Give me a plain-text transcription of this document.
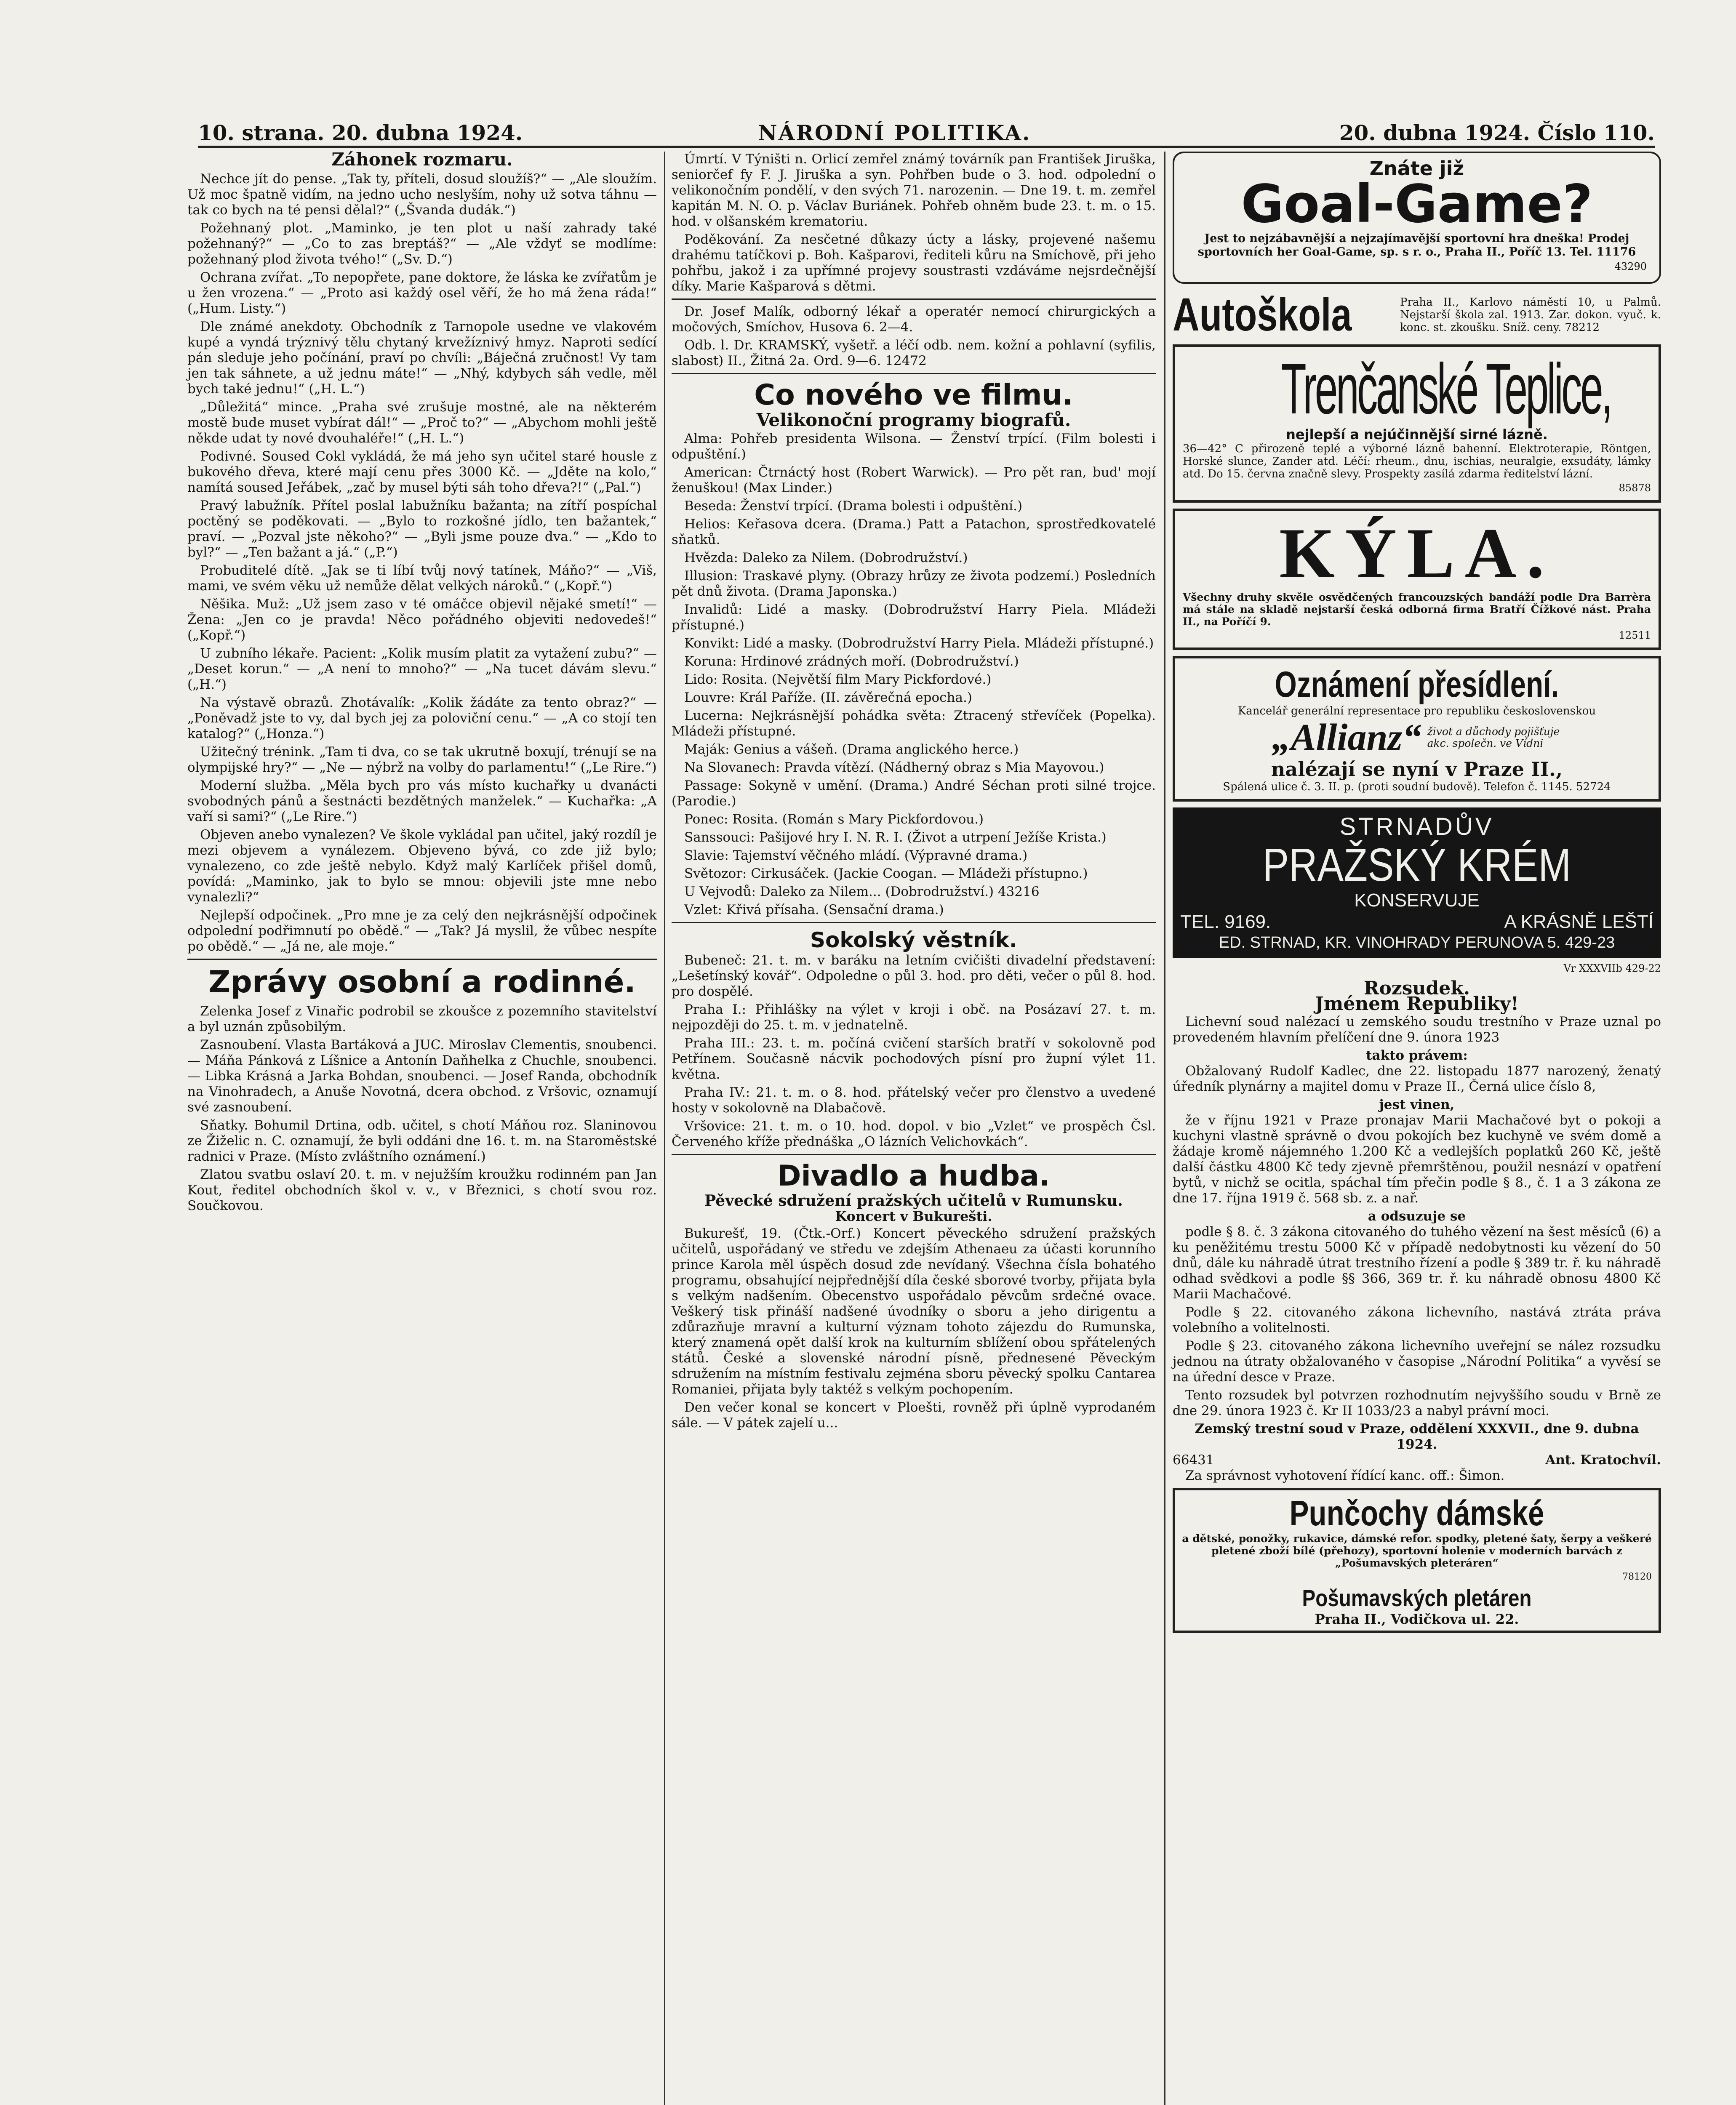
10. strana. 20. dubna 1924.	NÁRODNÍ POLITIKA.	20. dubna 1924. Číslo 110.
Záhonek rozmaru.

Nechce jít do pense. „Tak ty, příteli, dosud sloužíš?“ — „Ale sloužím. Už moc špatně vidím, na jedno ucho neslyším, nohy už sotva táhnu — tak co bych na té pensi dělal?“ („Švanda dudák.“)

Požehnaný plot. „Maminko, je ten plot u naší zahrady také požehnaný?“ — „Co to zas breptáš?“ — „Ale vždyť se modlíme: požehnaný plod života tvého!“ („Sv. D.“)

Ochrana zvířat. „To nepopřete, pane doktore, že láska ke zvířatům je u žen vrozena.“ — „Proto asi každý osel věří, že ho má žena ráda!“ („Hum. Listy.“)

Dle známé anekdoty. Obchodník z Tarnopole usedne ve vlakovém kupé a vyndá trýznivý tělu chytaný krvežíznivý hmyz. Naproti sedící pán sleduje jeho počínání, praví po chvíli: „Báječná zručnost! Vy tam jen tak sáhnete, a už jednu máte!“ — „Nhý, kdybych sáh vedle, měl bych také jednu!“ („H. L.“)

„Důležitá“ mince. „Praha své zrušuje mostné, ale na některém mostě bude muset vybírat dál!“ — „Proč to?“ — „Abychom mohli ještě někde udat ty nové dvouhaléře!“ („H. L.“)

Podivné. Soused Cokl vykládá, že má jeho syn učitel staré housle z bukového dřeva, které mají cenu přes 3000 Kč. — „Jděte na kolo,“ namítá soused Jeřábek, „zač by musel býti sáh toho dřeva?!“ („Pal.“)

Pravý labužník. Přítel poslal labužníku bažanta; na zítří pospíchal poctěný se poděkovati. — „Bylo to rozkošné jídlo, ten bažantek,“ praví. — „Pozval jste někoho?“ — „Byli jsme pouze dva.“ — „Kdo to byl?“ — „Ten bažant a já.“ („P.“)

Probuditelé dítě. „Jak se ti líbí tvůj nový tatínek, Máňo?“ — „Viš, mami, ve svém věku už nemůže dělat velkých nároků.“ („Kopř.“)

Něšika. Muž: „Už jsem zaso v té omáčce objevil nějaké smetí!“ — Žena: „Jen co je pravda! Něco pořádného objeviti nedovedeš!“ („Kopř.“)

U zubního lékaře. Pacient: „Kolik musím platit za vytažení zubu?“ — „Deset korun.“ — „A není to mnoho?“ — „Na tucet dávám slevu.“ („H.“)

Na výstavě obrazů. Zhotávalík: „Kolik žádáte za tento obraz?“ — „Poněvadž jste to vy, dal bych jej za poloviční cenu.“ — „A co stojí ten katalog?“ („Honza.“)

Užitečný trénink. „Tam ti dva, co se tak ukrutně boxují, trénují se na olympijské hry?“ — „Ne — nýbrž na volby do parlamentu!“ („Le Rire.“)

Moderní služba. „Měla bych pro vás místo kuchařky u dvanácti svobodných pánů a šestnácti bezdětných manželek.“ — Kuchařka: „A vaří si sami?“ („Le Rire.“)

Objeven anebo vynalezen? Ve škole vykládal pan učitel, jaký rozdíl je mezi objevem a vynálezem. Objeveno bývá, co zde již bylo; vynalezeno, co zde ještě nebylo. Když malý Karlíček přišel domů, povídá: „Maminko, jak to bylo se mnou: objevili jste mne nebo vynalezli?“

Nejlepší odpočinek. „Pro mne je za celý den nejkrásnější odpočinek odpolední podřimnutí po obědě.“ — „Tak? Já myslil, že vůbec nespíte po obědě.“ — „Já ne, ale moje.“

Zprávy osobní a rodinné.

Zelenka Josef z Vinařic podrobil se zkoušce z pozemního stavitelství a byl uznán způsobilým.

Zasnoubení. Vlasta Bartáková a JUC. Miroslav Clementis, snoubenci. — Máňa Pánková z Líšnice a Antonín Daňhelka z Chuchle, snoubenci. — Libka Krásná a Jarka Bohdan, snoubenci. — Josef Randa, obchodník na Vinohradech, a Anuše Novotná, dcera obchod. z Vršovic, oznamují své zasnoubení.

Sňatky. Bohumil Drtina, odb. učitel, s chotí Máňou roz. Slaninovou ze Žiželic n. C. oznamují, že byli oddáni dne 16. t. m. na Staroměstské radnici v Praze. (Místo zvláštního oznámení.)

Zlatou svatbu oslaví 20. t. m. v nejužším kroužku rodinném pan Jan Kout, ředitel obchodních škol v. v., v Březnici, s chotí svou roz. Součkovou.

Úmrtí. V Týništi n. Orlicí zemřel známý továrník pan František Jiruška, seniorčef fy F. J. Jiruška a syn. Pohřben bude o 3. hod. odpolední o velikonočním pondělí, v den svých 71. narozenin. — Dne 19. t. m. zemřel kapitán M. N. O. p. Václav Buriánek. Pohřeb ohněm bude 23. t. m. o 15. hod. v olšanském krematoriu.

Poděkování. Za nesčetné důkazy úcty a lásky, projevené našemu drahému tatíčkovi p. Boh. Kašparovi, řediteli kůru na Smíchově, při jeho pohřbu, jakož i za upřímné projevy soustrasti vzdáváme nejsrdečnější díky. Marie Kašparová s dětmi.

Dr. Josef Malík, odborný lékař a operatér nemocí chirurgických a močových, Smíchov, Husova 6. 2—4.

Odb. l. Dr. KRAMSKÝ, vyšetř. a léčí odb. nem. kožní a pohlavní (syfilis, slabost) II., Žitná 2a. Ord. 9—6. 12472

Co nového ve filmu.
Velikonoční programy biografů.

Alma: Pohřeb presidenta Wilsona. — Ženství trpící. (Film bolesti i odpuštění.)

American: Čtrnáctý host (Robert Warwick). — Pro pět ran, bud' mojí ženuškou! (Max Linder.)

Beseda: Ženství trpící. (Drama bolesti i odpuštění.)

Helios: Keřasova dcera. (Drama.) Patt a Patachon, sprostředkovatelé sňatků.

Hvězda: Daleko za Nilem. (Dobrodružství.)

Illusion: Traskavé plyny. (Obrazy hrůzy ze života podzemí.) Posledních pět dnů života. (Drama Japonska.)

Invalidů: Lidé a masky. (Dobrodružství Harry Piela. Mládeži přístupné.)

Konvikt: Lidé a masky. (Dobrodružství Harry Piela. Mládeži přístupné.)

Koruna: Hrdinové zrádných moří. (Dobrodružství.)

Lido: Rosita. (Největší film Mary Pickfordové.)

Louvre: Král Paříže. (II. závěrečná epocha.)

Lucerna: Nejkrásnější pohádka světa: Ztracený střevíček (Popelka). Mládeži přístupné.

Maják: Genius a vášeň. (Drama anglického herce.)

Na Slovanech: Pravda vítězí. (Nádherný obraz s Mia Mayovou.)

Passage: Sokyně v umění. (Drama.) André Séchan proti silné trojce. (Parodie.)

Ponec: Rosita. (Román s Mary Pickfordovou.)

Sanssouci: Pašijové hry I. N. R. I. (Život a utrpení Ježíše Krista.)

Slavie: Tajemství věčného mládí. (Výpravné drama.)

Světozor: Cirkusáček. (Jackie Coogan. — Mládeži přístupno.)

U Vejvodů: Daleko za Nilem... (Dobrodružství.) 43216

Vzlet: Křivá přísaha. (Sensační drama.)

Sokolský věstník.

Bubeneč: 21. t. m. v baráku na letním cvičišti divadelní představení: „Lešetínský kovář“. Odpoledne o půl 3. hod. pro děti, večer o půl 8. hod. pro dospělé.

Praha I.: Přihlášky na výlet v kroji i obč. na Posázaví 27. t. m. nejpozději do 25. t. m. v jednatelně.

Praha III.: 23. t. m. počíná cvičení starších bratří v sokolovně pod Petřínem. Současně nácvik pochodových písní pro župní výlet 11. května.

Praha IV.: 21. t. m. o 8. hod. přátelský večer pro členstvo a uvedené hosty v sokolovně na Dlabačově.

Vršovice: 21. t. m. o 10. hod. dopol. v bio „Vzlet“ ve prospěch Čsl. Červeného kříže přednáška „O lázních Velichovkách“.

Divadlo a hudba.
Pěvecké sdružení pražských učitelů v Rumunsku.
Koncert v Bukurešti.

Bukurešť, 19. (Čtk.-Orf.) Koncert pěveckého sdružení pražských učitelů, uspořádaný ve středu ve zdejším Athenaeu za účasti korunního prince Karola měl úspěch dosud zde nevídaný. Všechna čísla bohatého programu, obsahující nejpřednější díla české sborové tvorby, přijata byla s velkým nadšením. Obecenstvo uspořádalo pěvcům srdečné ovace. Veškerý tisk přináší nadšené úvodníky o sboru a jeho dirigentu a zdůrazňuje mravní a kulturní význam tohoto zájezdu do Rumunska, který znamená opět další krok na kulturním sblížení obou spřátelených států. České a slovenské národní písně, přednesené Pěveckým sdružením na místním festivalu zejména sboru pěvecký spolku Cantarea Romaniei, přijata byly taktéž s velkým pochopením.

Den večer konal se koncert v Ploešti, rovněž při úplně vyprodaném sále. — V pátek zajelí u...

Znáte již
Goal-Game?
Jest to nejzábavnější a nejzajímavější sportovní hra dneška! Prodej sportovních her Goal-Game, sp. s r. o., Praha II., Poříč 13. Tel. 11176
43290
Autoškola	Praha II., Karlovo náměstí 10, u Palmů. Nejstarší škola zal. 1913. Zar. dokon. vyuč. k. konc. st. zkoušku. Sníž. ceny. 78212
Trenčanské Teplice,
nejlepší a nejúčinnější sirné lázně.
36—42° C přirozeně teplé a výborné lázně bahenní. Elektroterapie, Röntgen, Horské slunce, Zander atd. Léčí: rheum., dnu, ischias, neuralgie, exsudáty, lámky atd. Do 15. června značně slevy. Prospekty zasílá zdarma ředitelství lázní.
85878
KÝLA.
Všechny druhy skvěle osvědčených francouzských bandáží podle Dra Barrèra má stále na skladě nejstarší česká odborná firma Bratří Čížkové nást. Praha II., na Poříčí 9.
12511
Oznámení přesídlení.
Kancelář generální representace pro republiku československou
„Allianz“ život a důchody pojišťuje akc. společn. ve Vídni
nalézají se nyní v Praze II.,
Spálená ulice č. 3. II. p. (proti soudní budově). Telefon č. 1145. 52724
STRNADŮV
PRAŽSKÝ KRÉM
KONSERVUJE
TEL. 9169.	A KRÁSNĚ LEŠTÍ
ED. STRNAD, KR. VINOHRADY PERUNOVA 5. 429-23
Vr XXXVIIb 429-22
Rozsudek.
Jménem Republiky!

Lichevní soud nalézací u zemského soudu trestního v Praze uznal po provedeném hlavním přelíčení dne 9. února 1923

takto právem:

Obžalovaný Rudolf Kadlec, dne 22. listopadu 1877 narozený, ženatý úředník plynárny a majitel domu v Praze II., Černá ulice číslo 8,

jest vinen,

že v říjnu 1921 v Praze pronajav Marii Machačové byt o pokoji a kuchyni vlastně správně o dvou pokojích bez kuchyně ve svém domě a žádaje kromě nájemného 1.200 Kč a vedlejších poplatků 260 Kč, ještě další částku 4800 Kč tedy zjevně přemrštěnou, použil nesnází v opatření bytů, v nichž se ocitla, spáchal tím přečin podle § 8., č. 1 a 3 zákona ze dne 17. října 1919 č. 568 sb. z. a nař.

a odsuzuje se

podle § 8. č. 3 zákona citovaného do tuhého vězení na šest měsíců (6) a ku peněžitému trestu 5000 Kč v případě nedobytnosti ku vězení do 50 dnů, dále ku náhradě útrat trestního řízení a podle § 389 tr. ř. ku náhradě odhad svědkovi a podle §§ 366, 369 tr. ř. ku náhradě obnosu 4800 Kč Marii Machačové.

Podle § 22. citovaného zákona lichevního, nastává ztráta práva volebního a volitelnosti.

Podle § 23. citovaného zákona lichevního uveřejní se nález rozsudku jednou na útraty obžalovaného v časopise „Národní Politika“ a vyvěsí se na úřední desce v Praze.

Tento rozsudek byl potvrzen rozhodnutím nejvyššího soudu v Brně ze dne 29. února 1923 č. Kr II 1033/23 a nabyl právní moci.

Zemský trestní soud v Praze, oddělení XXXVII., dne 9. dubna 1924.
66431	Ant. Kratochvíl.

Za správnost vyhotovení řídící kanc. off.: Šimon.

Punčochy dámské
a dětské, ponožky, rukavice, dámské refor. spodky, pletené šaty, šerpy a veškeré pletené zboží bílé (přehozy), sportovní holenie v moderních barvách z „Pošumavských pleteráren“
78120
Pošumavských pletáren
Praha II., Vodičkova ul. 22.
